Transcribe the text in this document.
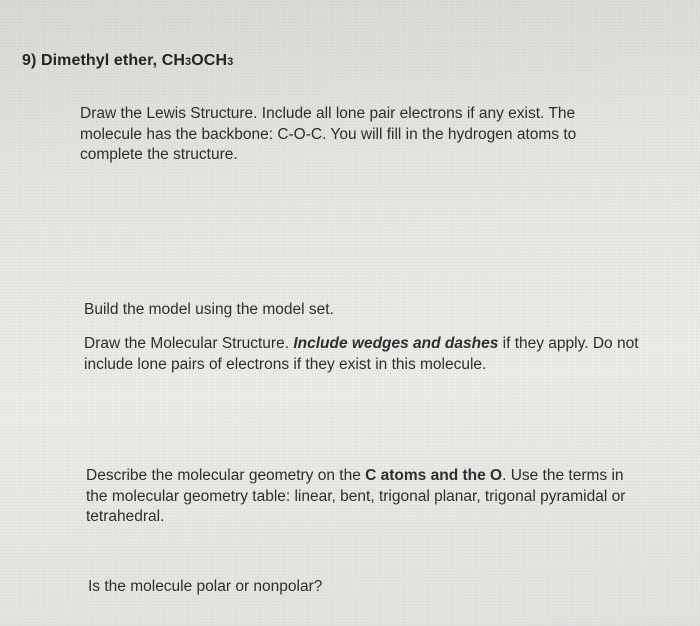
9) Dimethyl ether, CH3OCH3
Draw the Lewis Structure. Include all lone pair electrons if any exist. The
molecule has the backbone: C-O-C. You will fill in the hydrogen atoms to
complete the structure.
Build the model using the model set.
Draw the Molecular Structure. Include wedges and dashes if they apply. Do not
include lone pairs of electrons if they exist in this molecule.
Describe the molecular geometry on the C atoms and the O. Use the terms in
the molecular geometry table: linear, bent, trigonal planar, trigonal pyramidal or
tetrahedral.
Is the molecule polar or nonpolar?
